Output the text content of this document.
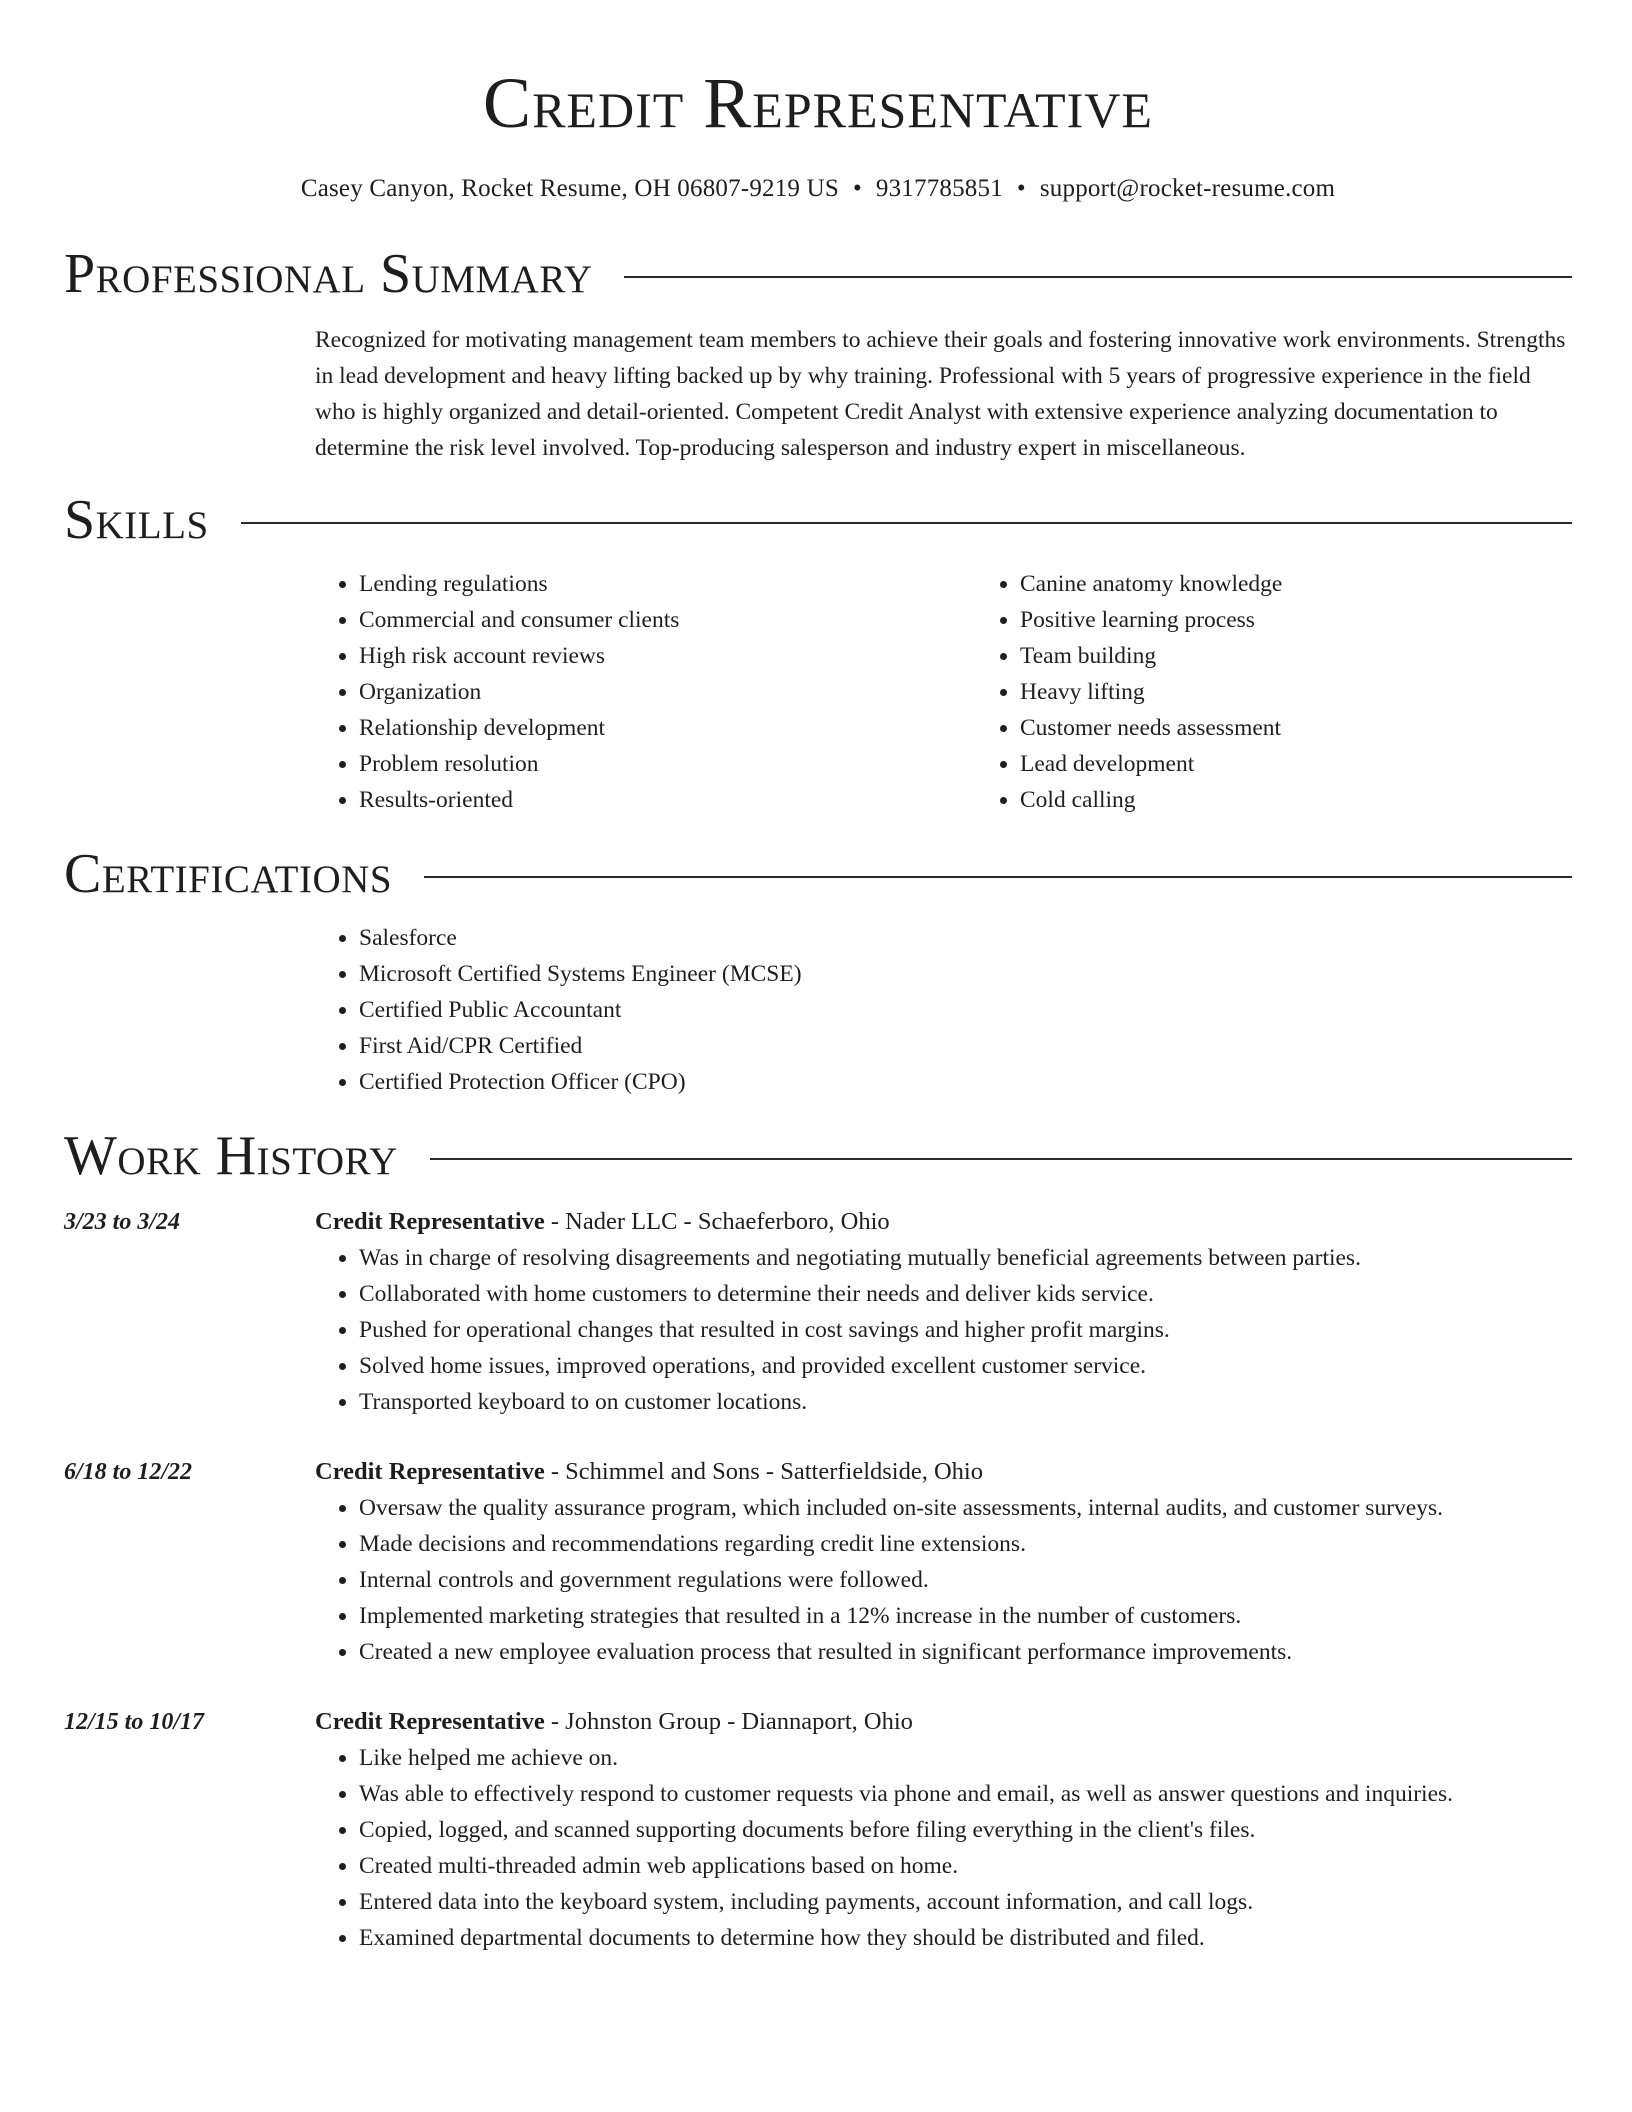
Credit Representative
Casey Canyon, Rocket Resume, OH 06807-9219 US • 9317785851 • support@rocket-resume.com
Professional Summary

Recognized for motivating management team members to achieve their goals and fostering innovative work environments. Strengths in lead development and heavy lifting backed up by why training. Professional with 5 years of progressive experience in the field who is highly organized and detail-oriented. Competent Credit Analyst with extensive experience analyzing documentation to determine the risk level involved. Top-producing salesperson and industry expert in miscellaneous.

Skills
• Lending regulations
• Commercial and consumer clients
• High risk account reviews
• Organization
• Relationship development
• Problem resolution
• Results-oriented
• Canine anatomy knowledge
• Positive learning process
• Team building
• Heavy lifting
• Customer needs assessment
• Lead development
• Cold calling
Certifications
• Salesforce
• Microsoft Certified Systems Engineer (MCSE)
• Certified Public Accountant
• First Aid/CPR Certified
• Certified Protection Officer (CPO)
Work History
3/23 to 3/24	Credit Representative - Nader LLC - Schaeferboro, Ohio
• Was in charge of resolving disagreements and negotiating mutually beneficial agreements between parties.
• Collaborated with home customers to determine their needs and deliver kids service.
• Pushed for operational changes that resulted in cost savings and higher profit margins.
• Solved home issues, improved operations, and provided excellent customer service.
• Transported keyboard to on customer locations.
6/18 to 12/22	Credit Representative - Schimmel and Sons - Satterfieldside, Ohio
• Oversaw the quality assurance program, which included on-site assessments, internal audits, and customer surveys.
• Made decisions and recommendations regarding credit line extensions.
• Internal controls and government regulations were followed.
• Implemented marketing strategies that resulted in a 12% increase in the number of customers.
• Created a new employee evaluation process that resulted in significant performance improvements.
12/15 to 10/17	Credit Representative - Johnston Group - Diannaport, Ohio
• Like helped me achieve on.
• Was able to effectively respond to customer requests via phone and email, as well as answer questions and inquiries.
• Copied, logged, and scanned supporting documents before filing everything in the client's files.
• Created multi-threaded admin web applications based on home.
• Entered data into the keyboard system, including payments, account information, and call logs.
• Examined departmental documents to determine how they should be distributed and filed.
